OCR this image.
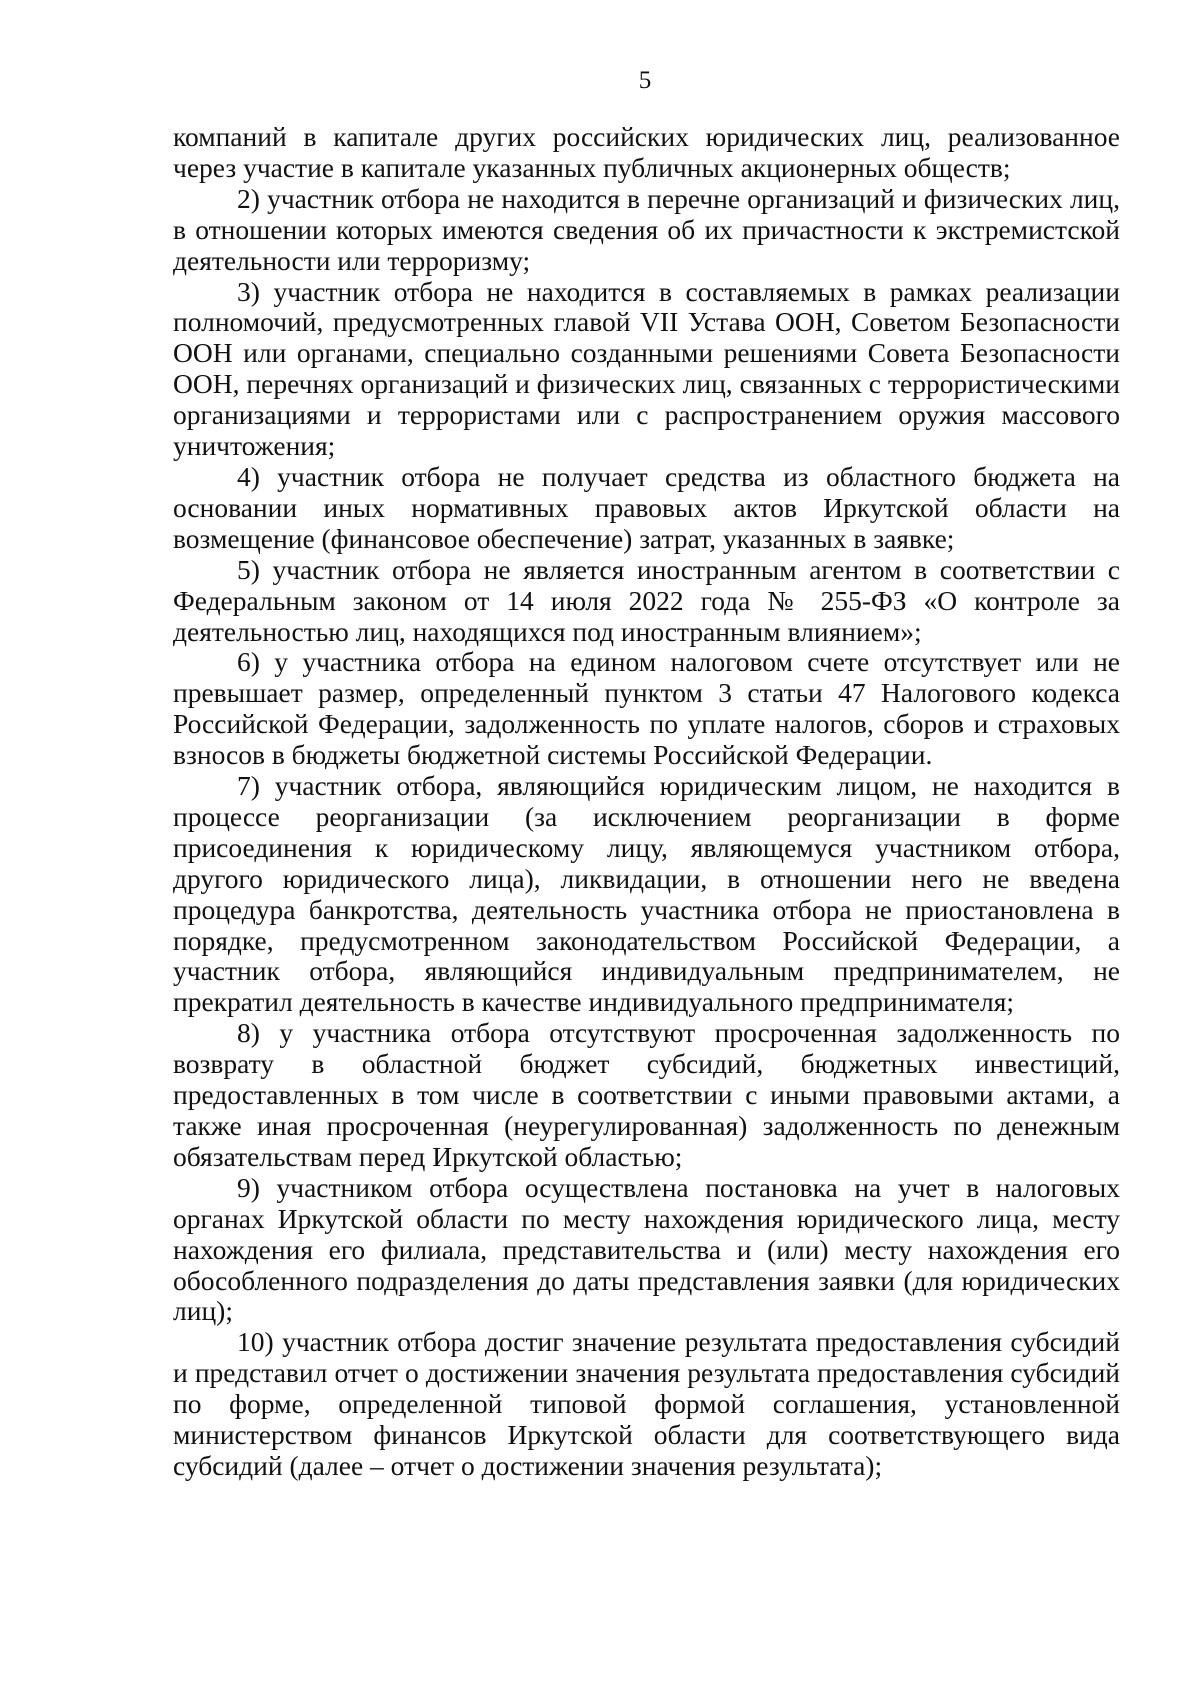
5

компаний в капитале других российских юридических лиц, реализованное через участие в капитале указанных публичных акционерных обществ;

2) участник отбора не находится в перечне организаций и физических лиц, в отношении которых имеются сведения об их причастности к экстремистской деятельности или терроризму;

3) участник отбора не находится в составляемых в рамках реализации полномочий, предусмотренных главой VII Устава ООН, Советом Безопасности ООН или органами, специально созданными решениями Совета Безопасности ООН, перечнях организаций и физических лиц, связанных с террористическими организациями и террористами или с распространением оружия массового уничтожения;

4) участник отбора не получает средства из областного бюджета на основании иных нормативных правовых актов Иркутской области на возмещение (финансовое обеспечение) затрат, указанных в заявке;

5) участник отбора не является иностранным агентом в соответствии с Федеральным законом от 14 июля 2022 года № 255-ФЗ «О контроле за деятельностью лиц, находящихся под иностранным влиянием»;

6) у участника отбора на едином налоговом счете отсутствует или не превышает размер, определенный пунктом 3 статьи 47 Налогового кодекса Российской Федерации, задолженность по уплате налогов, сборов и страховых взносов в бюджеты бюджетной системы Российской Федерации.

7) участник отбора, являющийся юридическим лицом, не находится в процессе реорганизации (за исключением реорганизации в форме присоединения к юридическому лицу, являющемуся участником отбора, другого юридического лица), ликвидации, в отношении него не введена процедура банкротства, деятельность участника отбора не приостановлена в порядке, предусмотренном законодательством Российской Федерации, а участник отбора, являющийся индивидуальным предпринимателем, не прекратил деятельность в качестве индивидуального предпринимателя;

8) у участника отбора отсутствуют просроченная задолженность по возврату в областной бюджет субсидий, бюджетных инвестиций, предоставленных в том числе в соответствии с иными правовыми актами, а также иная просроченная (неурегулированная) задолженность по денежным обязательствам перед Иркутской областью;

9) участником отбора осуществлена постановка на учет в налоговых органах Иркутской области по месту нахождения юридического лица, месту нахождения его филиала, представительства и (или) месту нахождения его обособленного подразделения до даты представления заявки (для юридических лиц);

10) участник отбора достиг значение результата предоставления субсидий и представил отчет о достижении значения результата предоставления субсидий по форме, определенной типовой формой соглашения, установленной министерством финансов Иркутской области для соответствующего вида субсидий (далее – отчет о достижении значения результата);
